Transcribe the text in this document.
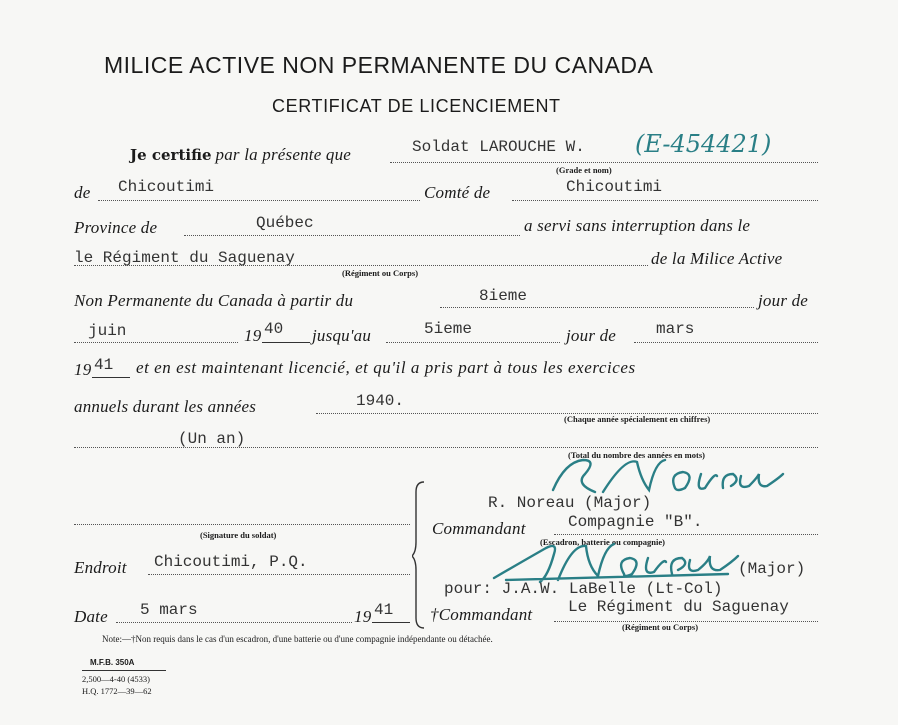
MILICE ACTIVE NON PERMANENTE DU CANADA
CERTIFICAT DE LICENCIEMENT
Je certifie par la présente que	Soldat LAROUCHE W. (E-454421)
(Grade et nom)
de Chicoutimi	Comté de	Chicoutimi
Province de	Québec	a servi sans interruption dans le
le Régiment du Saguenay	de la Milice Active
(Régiment ou Corps)
Non Permanente du Canada à partir du	8ieme	jour de
juin	19 40 jusqu'au	5ieme	jour de mars
19 41 et en est maintenant licencié, et qu'il a pris part à tous les exercices
annuels durant les années	1940.
(Chaque année spécialement en chiffres)
(Un an)
(Total du nombre des années en mots)
R. Noreau (Major)
Commandant	Compagnie "B".
(Escadron, batterie ou compagnie)
(Signature du soldat)
Endroit Chicoutimi, P.Q.	(Major)
pour: J.A.W. LaBelle (Lt-Col)
Date 5 mars	19 41 †Commandant Le Régiment du Saguenay
(Régiment ou Corps)
Note:—†Non requis dans le cas d'un escadron, d'une batterie ou d'une compagnie indépendante ou détachée.
M.F.B. 350A
2,500—4-40 (4533)
H.Q. 1772—39—62
